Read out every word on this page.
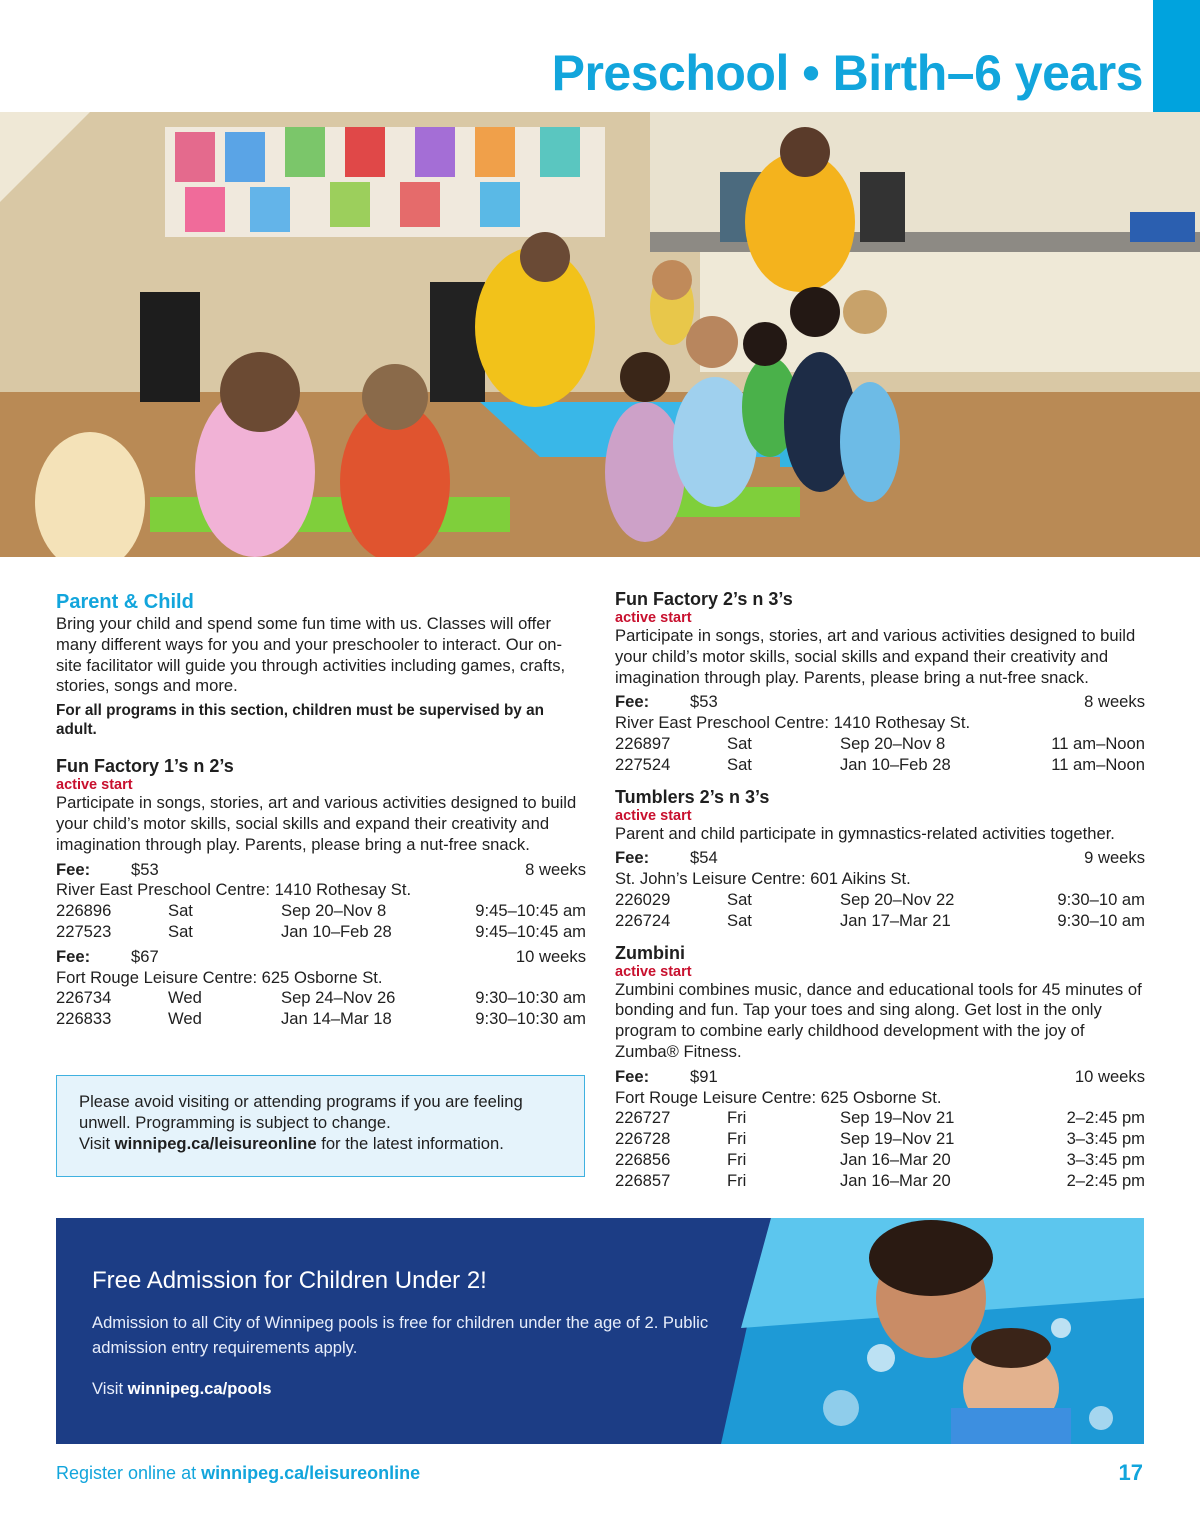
Preschool • Birth–6 years
Parent & Child
Bring your child and spend some fun time with us. Classes will offer many different ways for you and your preschooler to interact. Our on-site facilitator will guide you through activities including games, crafts, stories, songs and more.
For all programs in this section, children must be supervised by an adult.
Fun Factory 1’s n 2’s
active start
Participate in songs, stories, art and various activities designed to build your child’s motor skills, social skills and expand their creativity and imagination through play. Parents, please bring a nut-free snack.
Fee:	$53	8 weeks
River East Preschool Centre: 1410 Rothesay St.
226896	Sat	Sep 20–Nov 8	9:45–10:45 am
227523	Sat	Jan 10–Feb 28	9:45–10:45 am
Fee:	$67	10 weeks
Fort Rouge Leisure Centre: 625 Osborne St.
226734	Wed	Sep 24–Nov 26	9:30–10:30 am
226833	Wed	Jan 14–Mar 18	9:30–10:30 am
Please avoid visiting or attending programs if you are feeling unwell. Programming is subject to change.
Visit winnipeg.ca/leisureonline for the latest information.
Fun Factory 2’s n 3’s
active start
Participate in songs, stories, art and various activities designed to build your child’s motor skills, social skills and expand their creativity and imagination through play. Parents, please bring a nut-free snack.
Fee:	$53	8 weeks
River East Preschool Centre: 1410 Rothesay St.
226897	Sat	Sep 20–Nov 8	11 am–Noon
227524	Sat	Jan 10–Feb 28	11 am–Noon
Tumblers 2’s n 3’s
active start
Parent and child participate in gymnastics-related activities together.
Fee:	$54	9 weeks
St. John’s Leisure Centre: 601 Aikins St.
226029	Sat	Sep 20–Nov 22	9:30–10 am
226724	Sat	Jan 17–Mar 21	9:30–10 am
Zumbini
active start
Zumbini combines music, dance and educational tools for 45 minutes of bonding and fun. Tap your toes and sing along. Get lost in the only program to combine early childhood development with the joy of Zumba® Fitness.
Fee:	$91	10 weeks
Fort Rouge Leisure Centre: 625 Osborne St.
226727	Fri	Sep 19–Nov 21	2–2:45 pm
226728	Fri	Sep 19–Nov 21	3–3:45 pm
226856	Fri	Jan 16–Mar 20	3–3:45 pm
226857	Fri	Jan 16–Mar 20	2–2:45 pm
Free Admission for Children Under 2!
Admission to all City of Winnipeg pools is free for children under the age of 2. Public admission entry requirements apply.
Visit winnipeg.ca/pools
Register online at winnipeg.ca/leisureonline	17
